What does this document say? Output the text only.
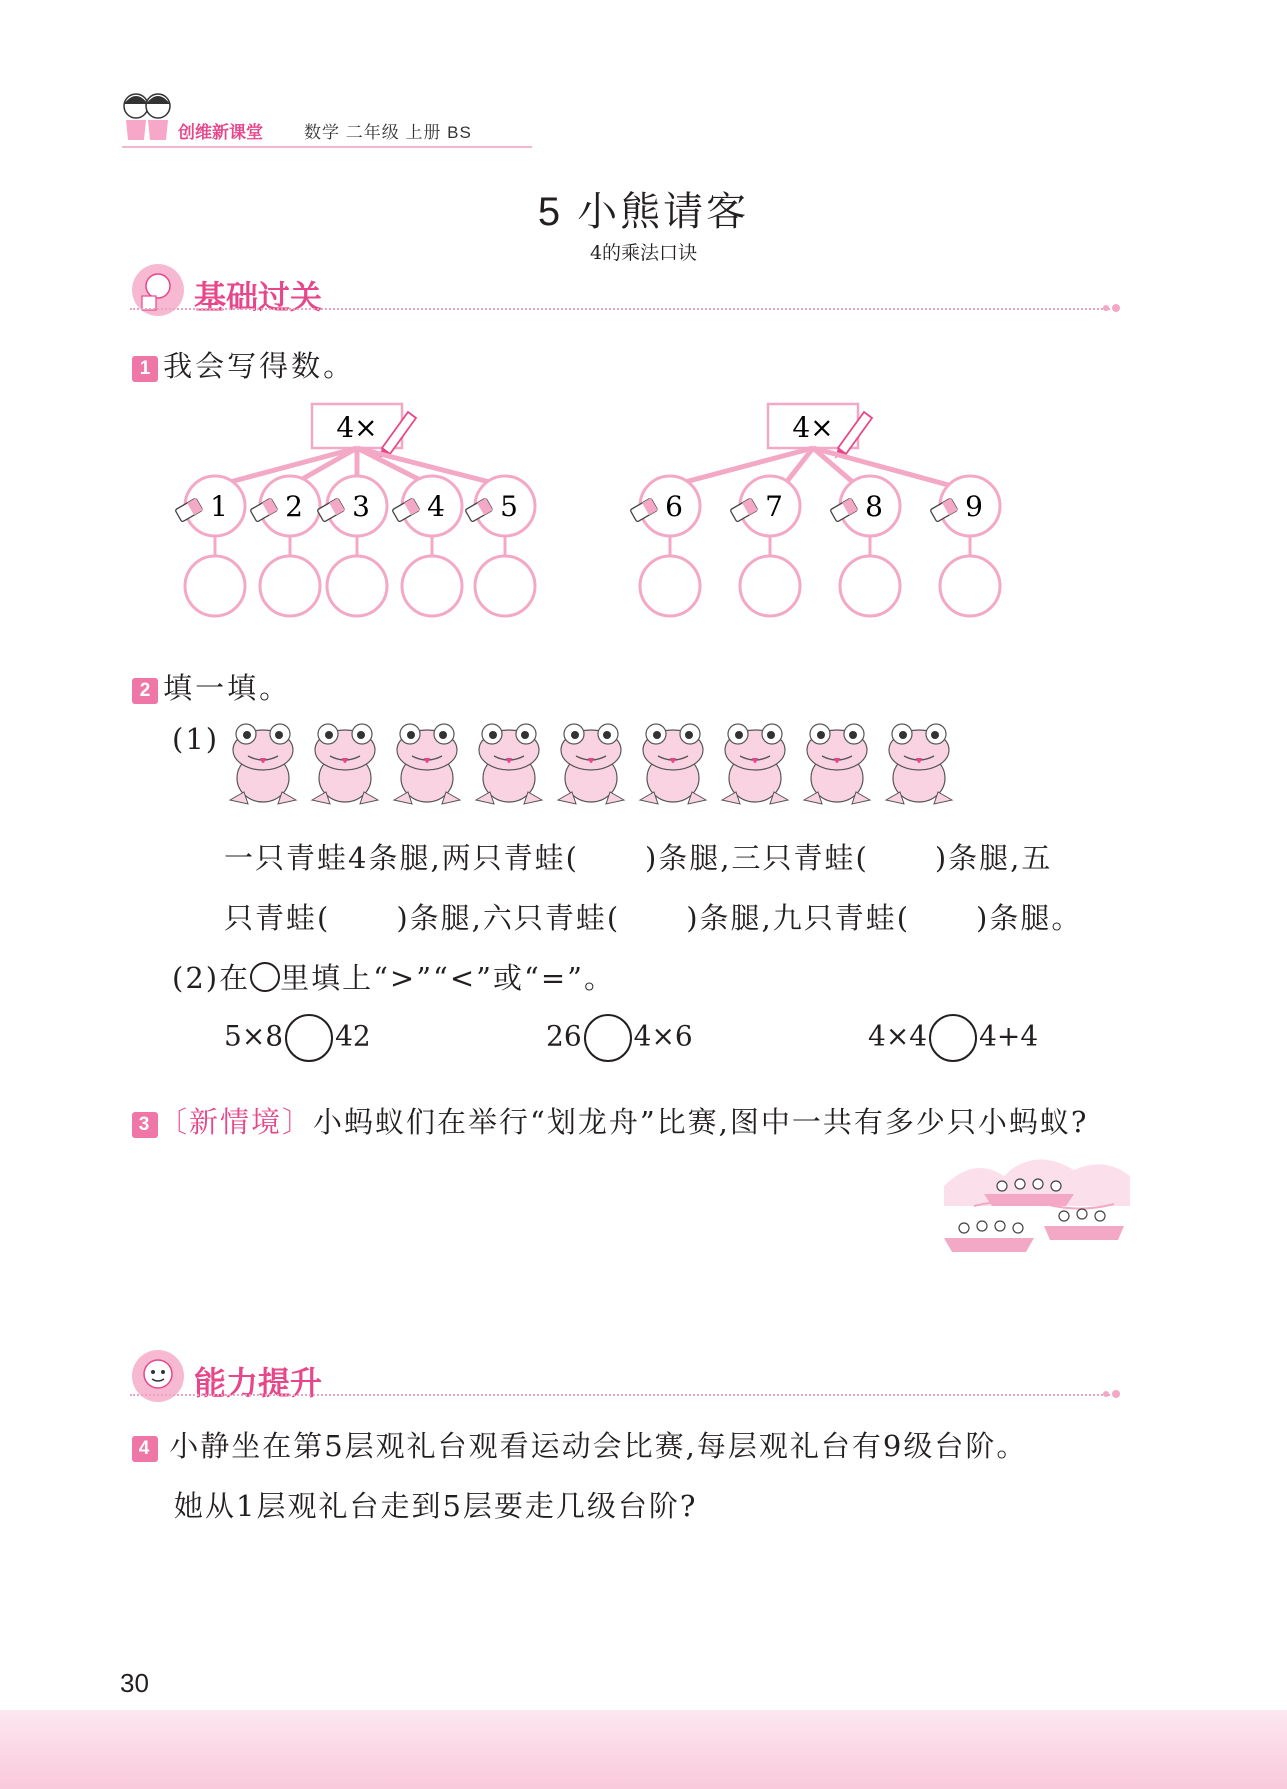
创维新课堂 数学 二年级 上册 BS
5 小熊请客
4的乘法口诀
基础过关
1 我会写得数。
4×	4×
1 2 3 4 5	6	7	8	9
2 填一填。
(1)
一只青蛙4条腿,两只青蛙( )条腿,三只青蛙( )条腿,五
只青蛙( )条腿,六只青蛙( )条腿,九只青蛙( )条腿。
(2)在 里填上“>”“<”或“=”。
5×8 42	26 4×6	4×4 4+4
3 〔新情境〕小蚂蚁们在举行“划龙舟”比赛,图中一共有多少只小蚂蚁?
能力提升
4 小静坐在第5层观礼台观看运动会比赛,每层观礼台有9级台阶。
她从1层观礼台走到5层要走几级台阶?
30
